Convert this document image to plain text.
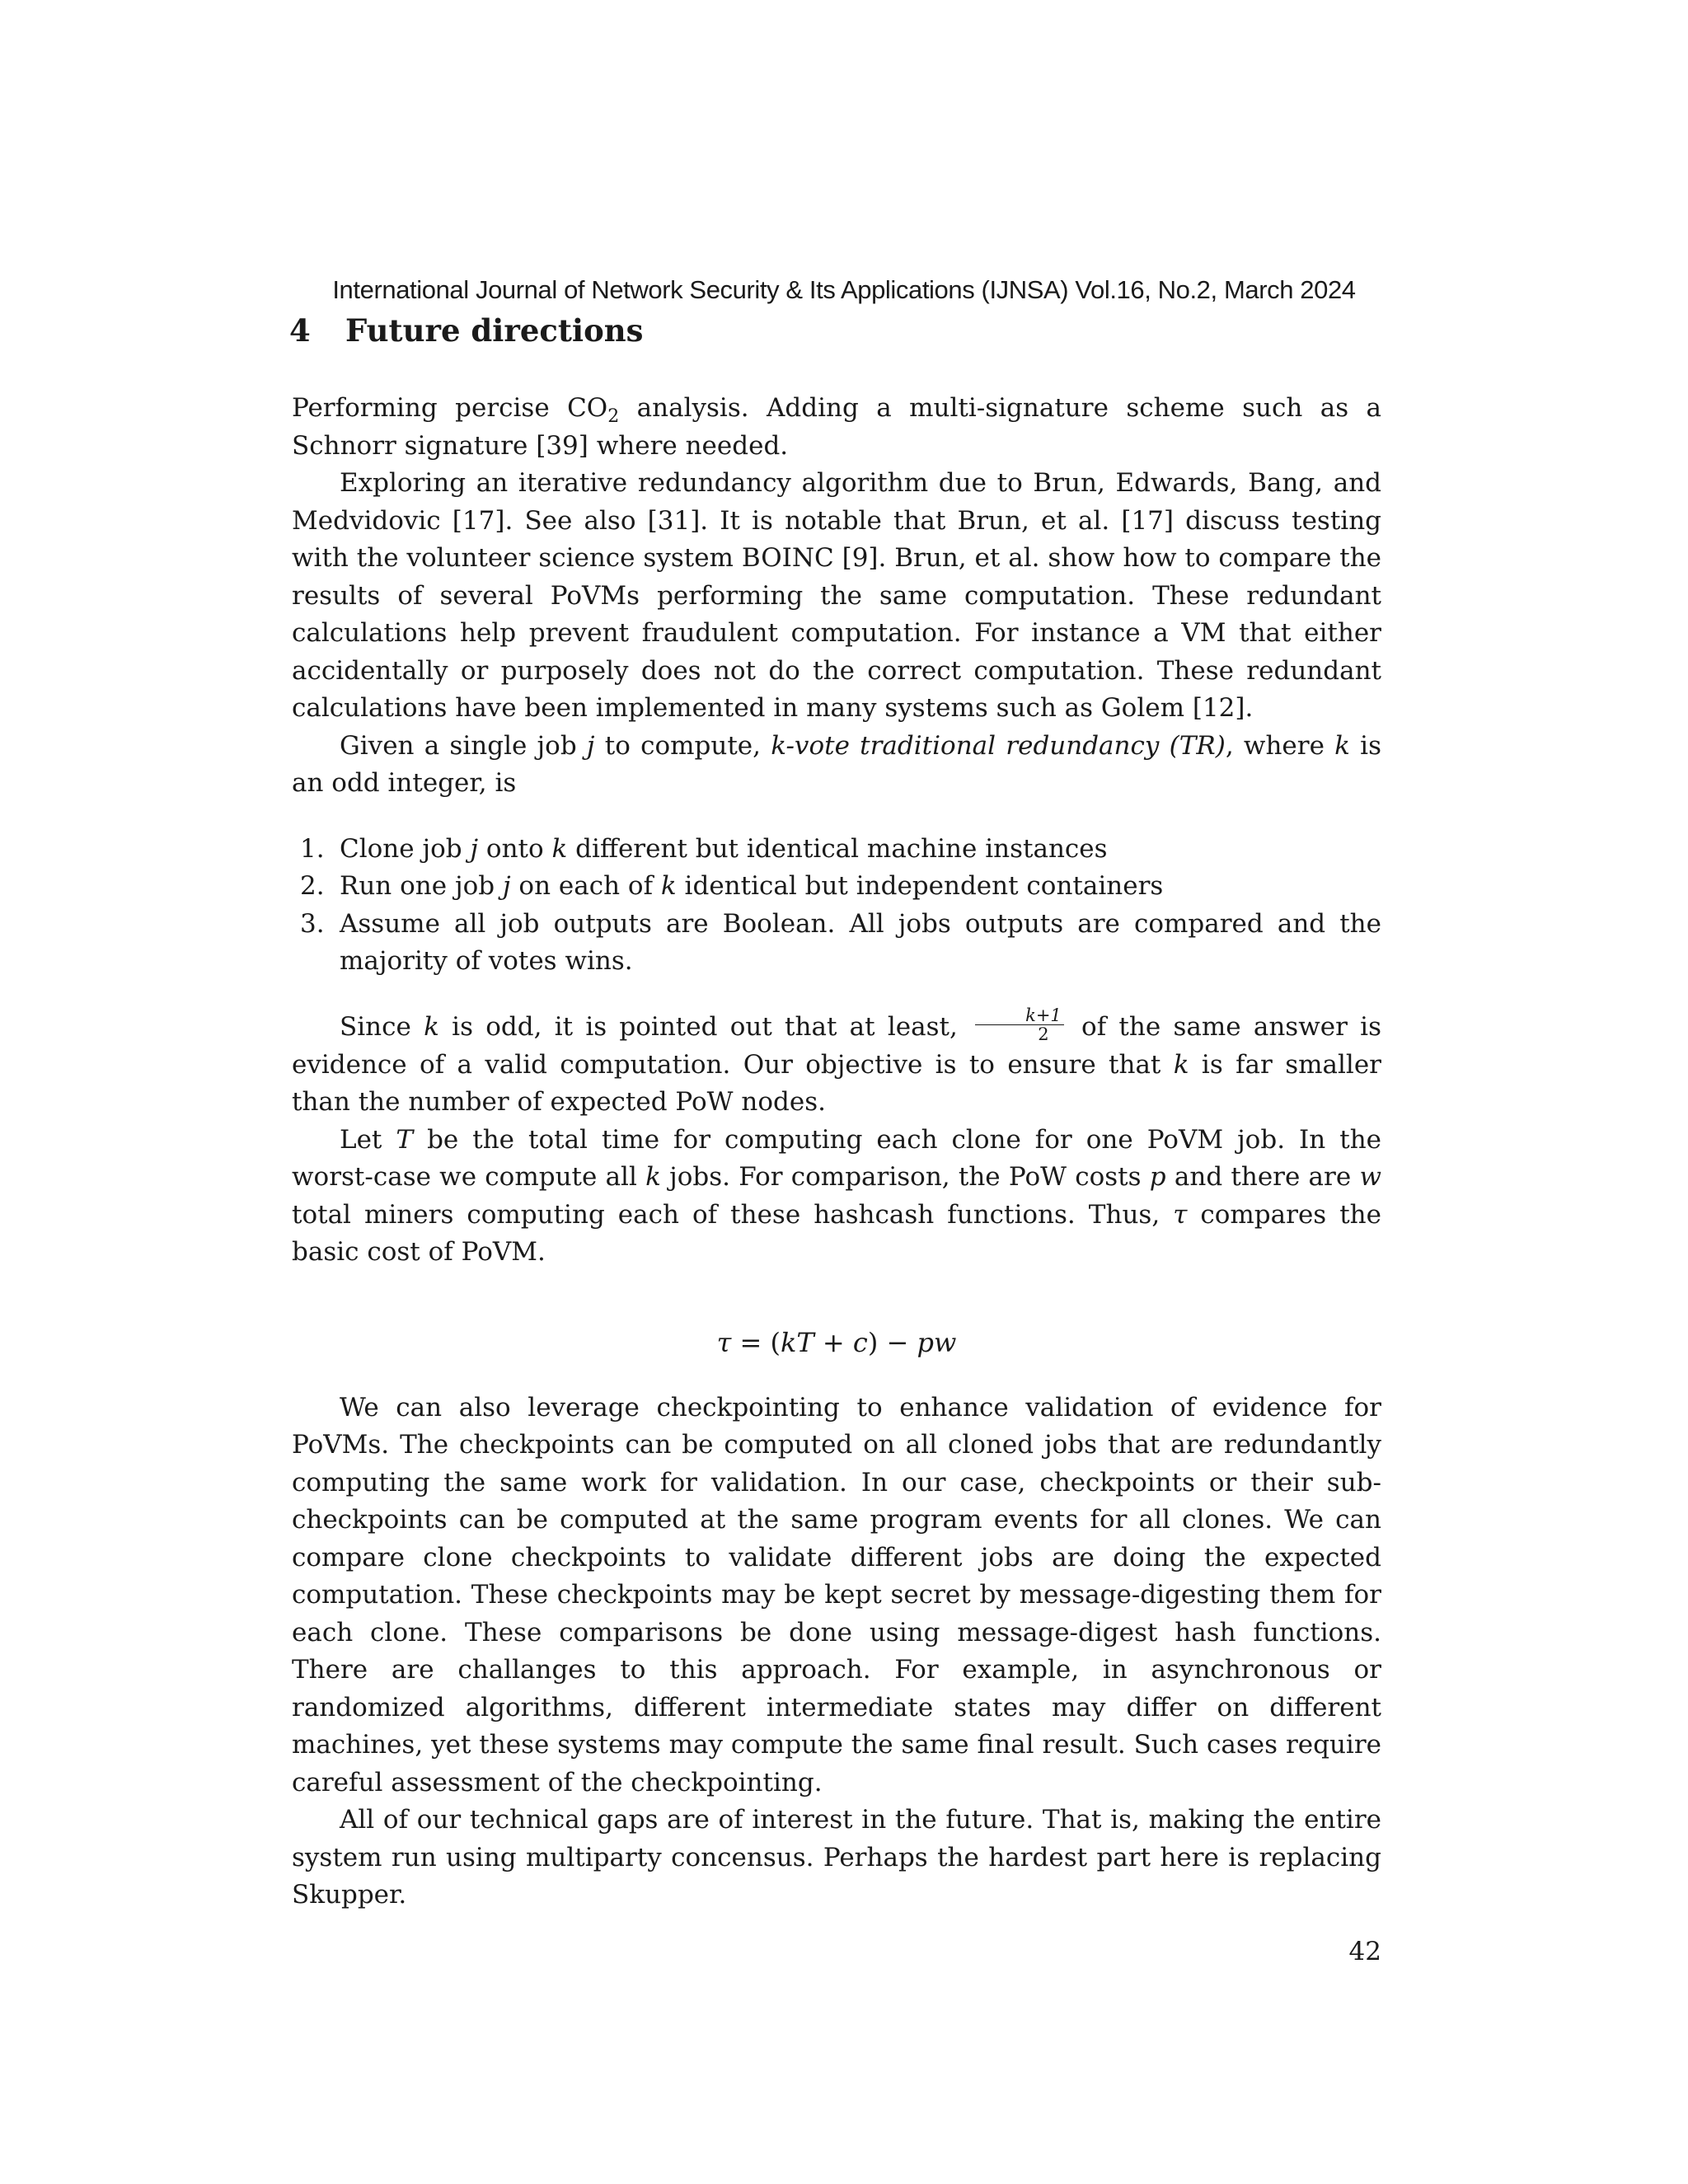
International Journal of Network Security & Its Applications (IJNSA) Vol.16, No.2, March 2024
4 Future directions

Performing percise $CO_2$ analysis. Adding a multi-signature scheme such as a Schnorr signature [39] where needed.

Exploring an iterative redundancy algorithm due to Brun, Edwards, Bang, and Medvidovic [17]. See also [31]. It is notable that Brun, et al. [17] discuss testing with the volunteer science system BOINC [9]. Brun, et al. show how to compare the results of several PoVMs performing the same computation. These redundant calculations help prevent fraudulent computation. For instance a VM that either accidentally or purposely does not do the correct computation. These redundant calculations have been implemented in many systems such as Golem [12].

Given a single job j to compute, k-vote traditional redundancy (TR), where k is an odd integer, is

1. Clone job j onto k different but identical machine instances
2. Run one job j on each of k identical but independent containers
3. Assume all job outputs are Boolean. All jobs outputs are compared and the majority of votes wins.

Since k is odd, it is pointed out that at least, $\frac{k+1}{2}$ of the same answer is evidence of a valid computation. Our objective is to ensure that k is far smaller than the number of expected PoW nodes.

Let T be the total time for computing each clone for one PoVM job. In the worst-case we compute all k jobs. For comparison, the PoW costs p and there are w total miners computing each of these hashcash functions. Thus, τ compares the basic cost of PoVM.

τ = (kT + c) − pw

We can also leverage checkpointing to enhance validation of evidence for PoVMs. The checkpoints can be computed on all cloned jobs that are redundantly computing the same work for validation. In our case, checkpoints or their sub-checkpoints can be computed at the same program events for all clones. We can compare clone checkpoints to validate different jobs are doing the expected computation. These checkpoints may be kept secret by message-digesting them for each clone. These comparisons be done using message-digest hash functions. There are challanges to this approach. For example, in asynchronous or randomized algorithms, different intermediate states may differ on different machines, yet these systems may compute the same final result. Such cases require careful assessment of the checkpointing.

All of our technical gaps are of interest in the future. That is, making the entire system run using multiparty concensus. Perhaps the hardest part here is replacing Skupper.

42
